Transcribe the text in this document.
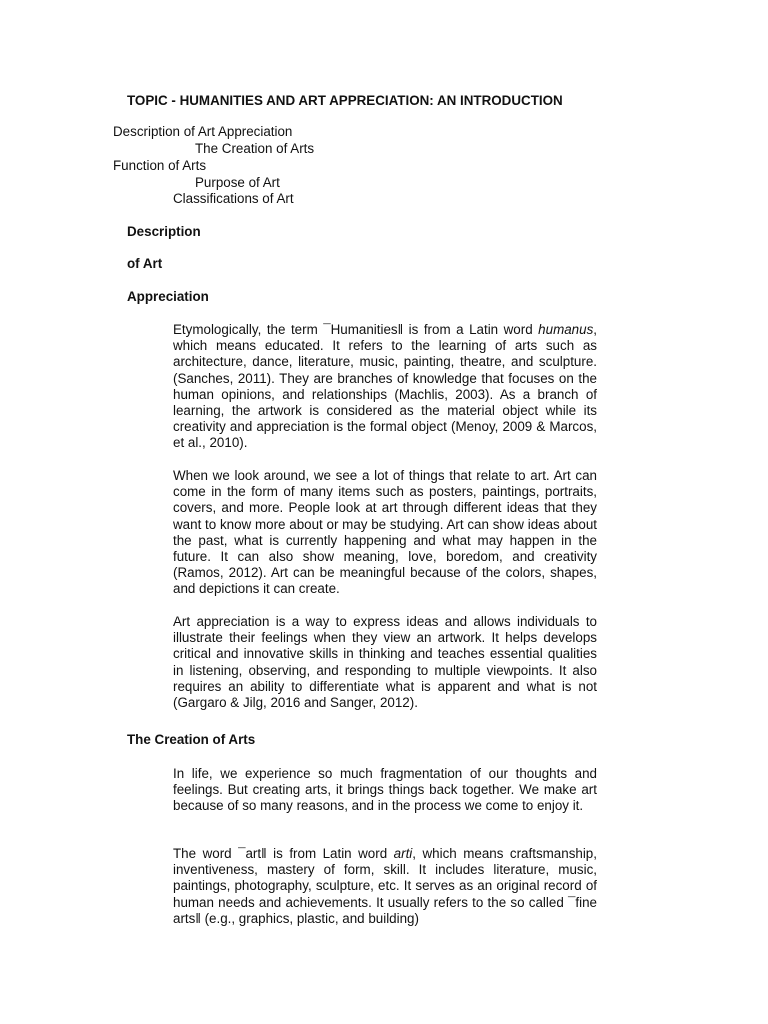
TOPIC - HUMANITIES AND ART APPRECIATION: AN INTRODUCTION
Description of Art Appreciation
The Creation of Arts
Function of Arts
Purpose of Art
Classifications of Art
Description
of Art
Appreciation
Etymologically, the term ¯Humanities‖ is from a Latin word humanus, which means educated. It refers to the learning of arts such as architecture, dance, literature, music, painting, theatre, and sculpture. (Sanches, 2011). They are branches of knowledge that focuses on the human opinions, and relationships (Machlis, 2003). As a branch of learning, the artwork is considered as the material object while its creativity and appreciation is the formal object (Menoy, 2009 & Marcos, et al., 2010).
When we look around, we see a lot of things that relate to art. Art can come in the form of many items such as posters, paintings, portraits, covers, and more. People look at art through different ideas that they want to know more about or may be studying. Art can show ideas about the past, what is currently happening and what may happen in the future. It can also show meaning, love, boredom, and creativity (Ramos, 2012). Art can be meaningful because of the colors, shapes, and depictions it can create.
Art appreciation is a way to express ideas and allows individuals to illustrate their feelings when they view an artwork. It helps develops critical and innovative skills in thinking and teaches essential qualities in listening, observing, and responding to multiple viewpoints. It also requires an ability to differentiate what is apparent and what is not (Gargaro & Jilg, 2016 and Sanger, 2012).
The Creation of Arts
In life, we experience so much fragmentation of our thoughts and feelings. But creating arts, it brings things back together. We make art because of so many reasons, and in the process we come to enjoy it.
The word ¯art‖ is from Latin word arti, which means craftsmanship, inventiveness, mastery of form, skill. It includes literature, music, paintings, photography, sculpture, etc. It serves as an original record of human needs and achievements. It usually refers to the so called ¯fine arts‖ (e.g., graphics, plastic, and building)
